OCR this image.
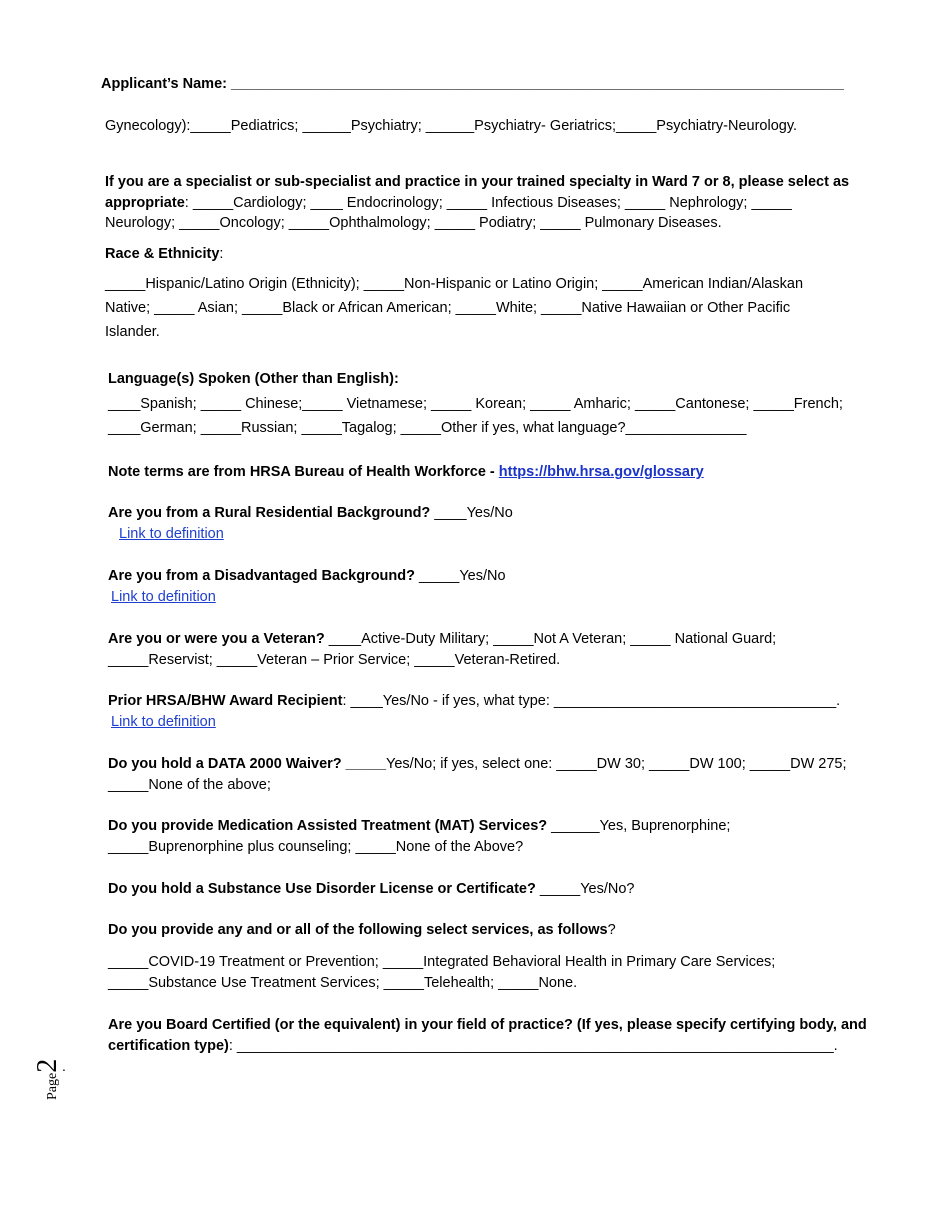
Applicant’s Name: ____________________________________________________________________________
Gynecology):_____Pediatrics; ______Psychiatry; ______Psychiatry- Geriatrics;_____Psychiatry-Neurology.
If you are a specialist or sub-specialist and practice in your trained specialty in Ward 7 or 8, please select as
appropriate: _____Cardiology; ____ Endocrinology; _____ Infectious Diseases; _____ Nephrology; _____
Neurology; _____Oncology; _____Ophthalmology; _____ Podiatry; _____ Pulmonary Diseases.
Race & Ethnicity:
_____Hispanic/Latino Origin (Ethnicity); _____Non-Hispanic or Latino Origin; _____American Indian/Alaskan
Native; _____ Asian; _____Black or African American; _____White; _____Native Hawaiian or Other Pacific
Islander.
Language(s) Spoken (Other than English):
____Spanish; _____ Chinese;_____ Vietnamese; _____ Korean; _____ Amharic; _____Cantonese; _____French;
____German; _____Russian; _____Tagalog; _____Other if yes, what language?_______________
Note terms are from HRSA Bureau of Health Workforce - https://bhw.hrsa.gov/glossary
Are you from a Rural Residential Background? ____Yes/No
Link to definition
Are you from a Disadvantaged Background? _____Yes/No
Link to definition
Are you or were you a Veteran? ____Active-Duty Military; _____Not A Veteran; _____ National Guard;
_____Reservist; _____Veteran – Prior Service; _____Veteran-Retired.
Prior HRSA/BHW Award Recipient: ____Yes/No - if yes, what type: ___________________________________.
Link to definition
Do you hold a DATA 2000 Waiver? _____Yes/No; if yes, select one: _____DW 30; _____DW 100; _____DW 275;
_____None of the above;
Do you provide Medication Assisted Treatment (MAT) Services? ______Yes, Buprenorphine;
_____Buprenorphine plus counseling; _____None of the Above?
Do you hold a Substance Use Disorder License or Certificate? _____Yes/No?
Do you provide any and or all of the following select services, as follows?
_____COVID-19 Treatment or Prevention; _____Integrated Behavioral Health in Primary Care Services;
_____Substance Use Treatment Services; _____Telehealth; _____None.
Are you Board Certified (or the equivalent) in your field of practice? (If yes, please specify certifying body, and
certification type): __________________________________________________________________________.
Page2 .
